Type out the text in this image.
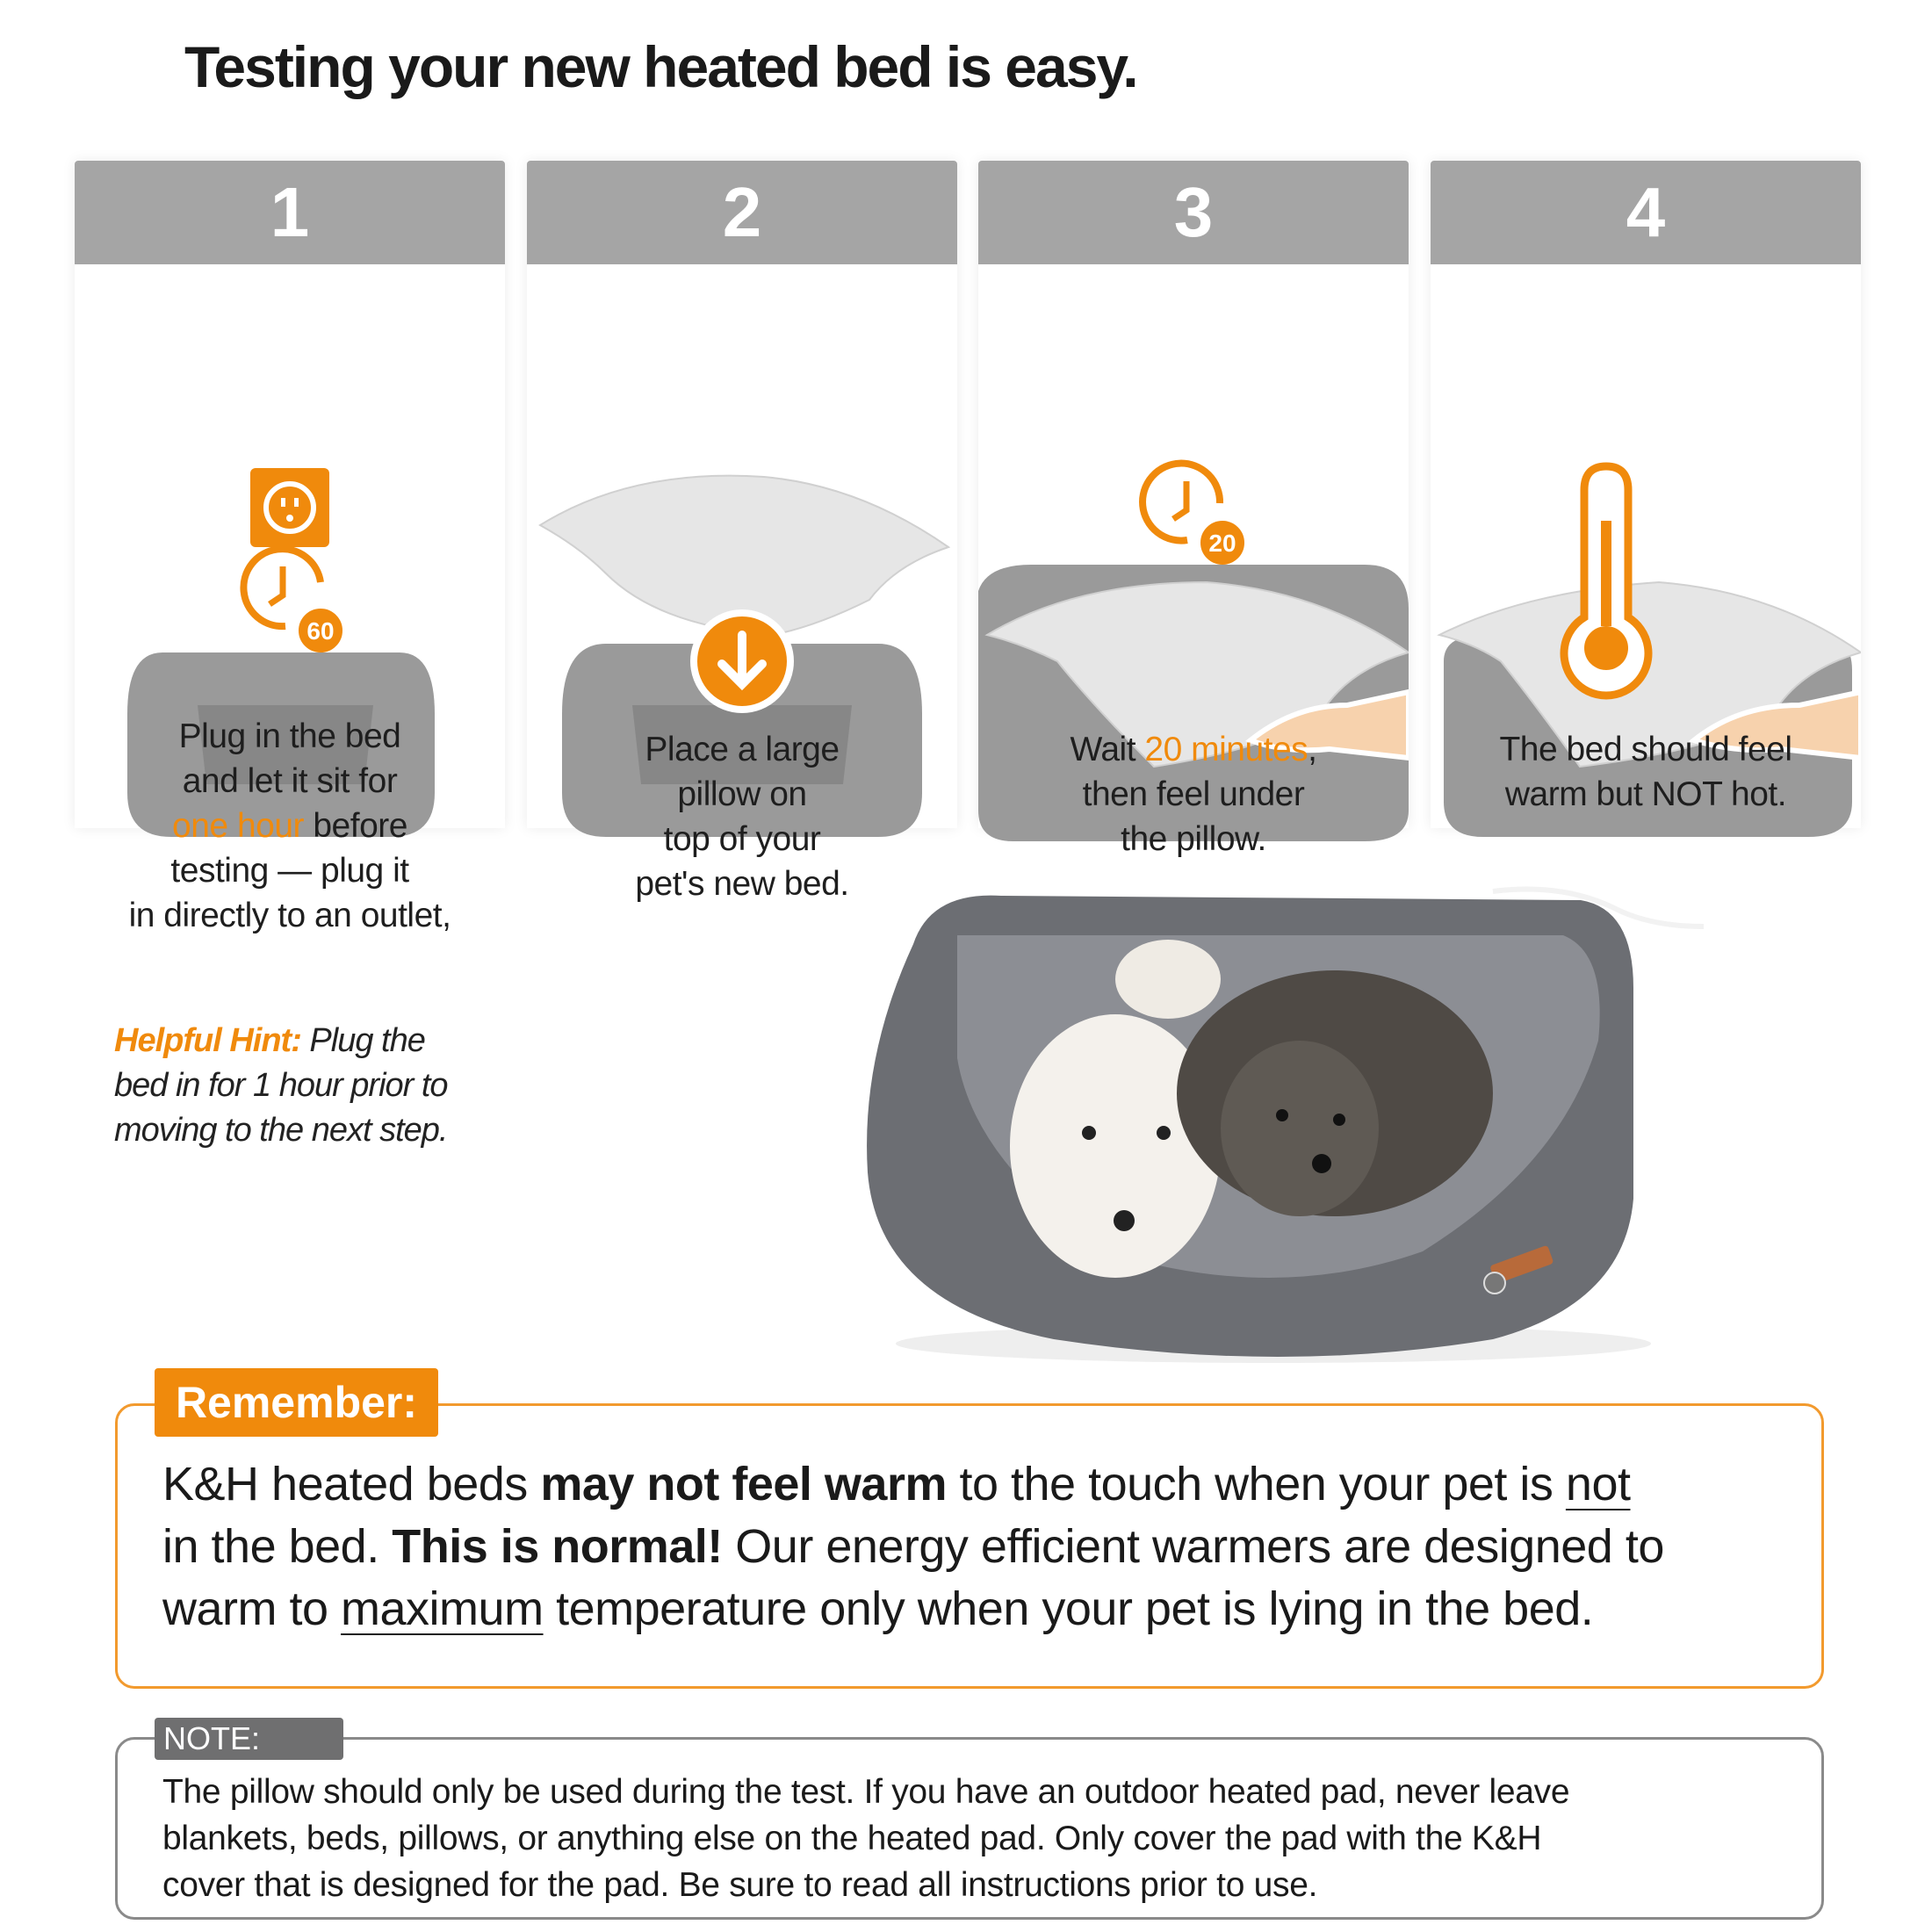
Testing your new heated bed is easy.
1
60
Plug in the bed
and let it sit for
one hour before
testing — plug it
in directly to an outlet,
2
Place a large
pillow on
top of your
pet's new bed.
3
20
Wait 20 minutes,
then feel under
the pillow.
4
The bed should feel
warm but NOT hot.
Helpful Hint: Plug the
bed in for 1 hour prior to
moving to the next step.
Remember:
K&H heated beds may not feel warm to the touch when your pet is not
in the bed. This is normal! Our energy efficient warmers are designed to
warm to maximum temperature only when your pet is lying in the bed.
NOTE:
The pillow should only be used during the test. If you have an outdoor heated pad, never leave
blankets, beds, pillows, or anything else on the heated pad. Only cover the pad with the K&H
cover that is designed for the pad. Be sure to read all instructions prior to use.
